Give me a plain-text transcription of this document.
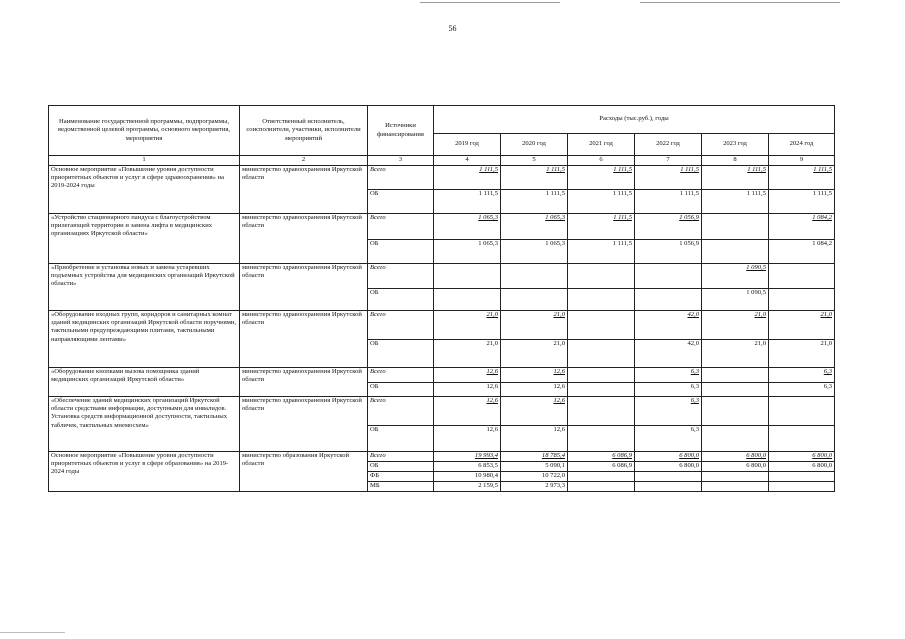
56
Наименование государственной программы, подпрограммы, ведомственной целевой программы, основного мероприятия, мероприятия	Ответственный исполнитель, соисполнители, участники, исполнители мероприятий	Источники финансирования	Расходы (тыс.руб.), годы					
			2019 год	2020 год	2021 год	2022 год	2023 год	2024 год
1	2	3	4	5	6	7	8	9
Основное мероприятие «Повышение уровня доступности приоритетных объектов и услуг в сфере здравоохранения» на 2019-2024 годы	министерство здравоохранения Иркутской области	Всего	1 111,5	1 111,5	1 111,5	1 111,5	1 111,5	1 111,5
		ОБ	1 111,5	1 111,5	1 111,5	1 111,5	1 111,5	1 111,5
«Устройство стационарного пандуса с благоустройством прилегающей территории и замена лифта в медицинских организациях Иркутской области»	министерство здравоохранения Иркутской области	Всего	1 065,3	1 065,3	1 111,5	1 056,9		1 084,2
		ОБ	1 065,3	1 065,3	1 111,5	1 056,9		1 084,2
«Приобретение и установка новых и замена устаревших подъемных устройства для медицинских организаций Иркутской области»	министерство здравоохранения Иркутской области	Всего					1 090,5	
		ОБ					1 090,5	
«Оборудование входных групп, коридоров и санитарных комнат зданий медицинских организаций Иркутской области поручнями, тактильными предупреждающими плитами, тактильными направляющими лентами»	министерство здравоохранения Иркутской области	Всего	21,0	21,0		42,0	21,0	21,0
		ОБ	21,0	21,0		42,0	21,0	21,0
«Оборудование кнопками вызова помощника зданий медицинских организаций Иркутской области»	министерство здравоохранения Иркутской области	Всего	12,6	12,6		6,3		6,3
		ОБ	12,6	12,6		6,3		6,3
«Обеспечение зданий медицинских организаций Иркутской области средствами информации, доступными для инвалидов. Установка средств информационной доступности, тактильных табличек, тактильных мнемосхем»	министерство здравоохранения Иркутской области	Всего	12,6	12,6		6,3		
		ОБ	12,6	12,6		6,3		
Основное мероприятие «Повышение уровня доступности приоритетных объектов и услуг в сфере образования» на 2019-2024 годы	министерство образования Иркутской области	Всего	19 993,4	18 785,4	6 086,9	6 800,0	6 800,0	6 800,0
		ОБ	6 853,5	5 090,1	6 086,9	6 800,0	6 800,0	6 800,0
		ФБ	10 980,4	10 722,0				
		МБ	2 159,5	2 973,3				
